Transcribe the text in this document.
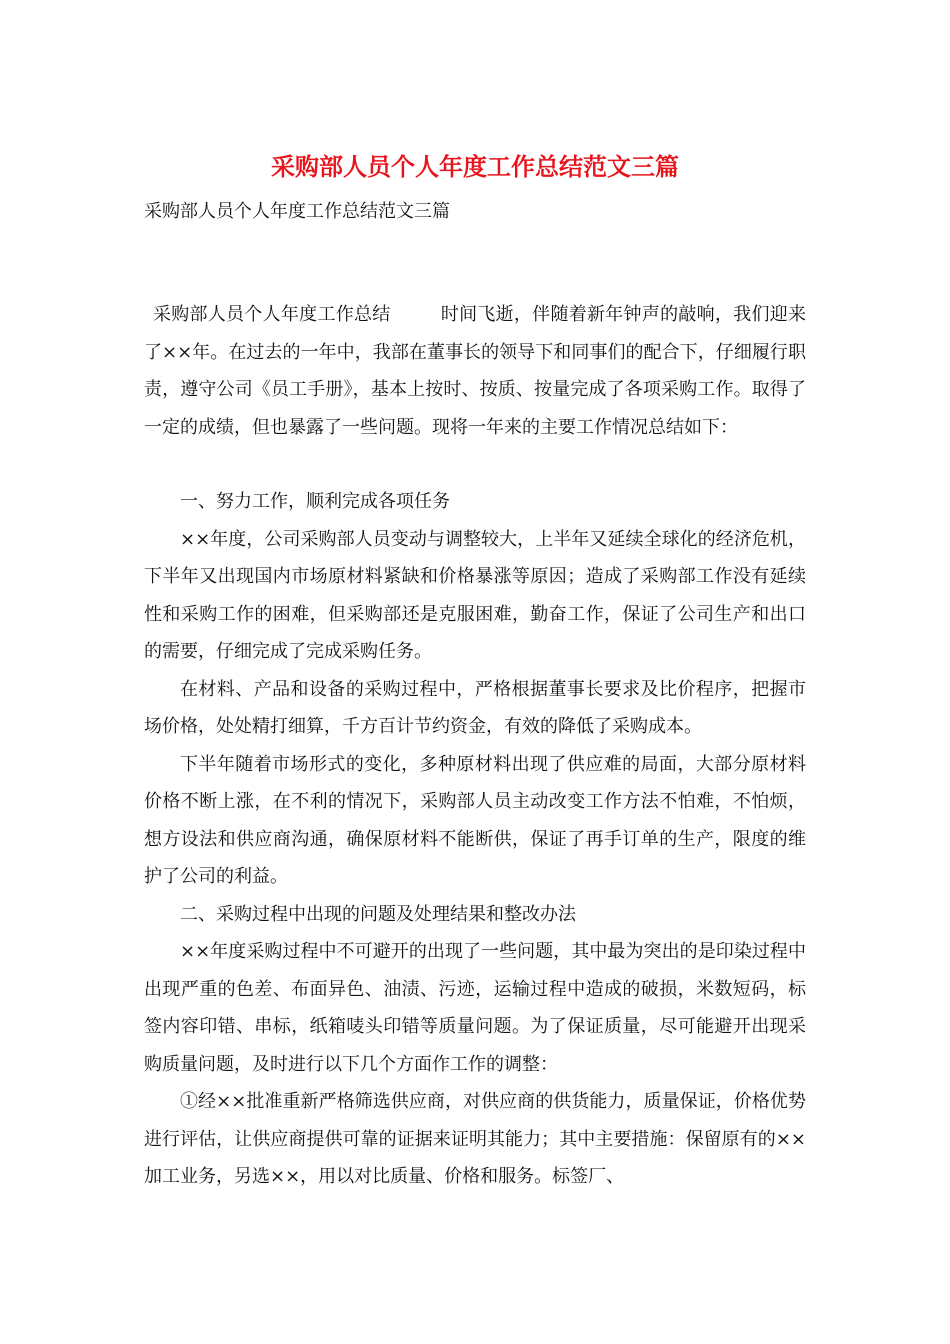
采购部人员个人年度工作总结范文三篇
采购部人员个人年度工作总结范文三篇

采购部人员个人年度工作总结	时间飞逝，伴随着新年钟声的敲响，我们迎来了××年。在过去的一年中，我部在董事长的领导下和同事们的配合下，仔细履行职责，遵守公司《员工手册》，基本上按时、按质、按量完成了各项采购工作。取得了一定的成绩，但也暴露了一些问题。现将一年来的主要工作情况总结如下：

一、努力工作，顺利完成各项任务

××年度，公司采购部人员变动与调整较大，上半年又延续全球化的经济危机，下半年又出现国内市场原材料紧缺和价格暴涨等原因；造成了采购部工作没有延续性和采购工作的困难，但采购部还是克服困难，勤奋工作，保证了公司生产和出口的需要，仔细完成了完成采购任务。

在材料、产品和设备的采购过程中，严格根据董事长要求及比价程序，把握市场价格，处处精打细算，千方百计节约资金，有效的降低了采购成本。

下半年随着市场形式的变化，多种原材料出现了供应难的局面，大部分原材料价格不断上涨，在不利的情况下，采购部人员主动改变工作方法不怕难，不怕烦，想方设法和供应商沟通，确保原材料不能断供，保证了再手订单的生产，限度的维护了公司的利益。

二、采购过程中出现的问题及处理结果和整改办法

××年度采购过程中不可避开的出现了一些问题，其中最为突出的是印染过程中出现严重的色差、布面异色、油渍、污迹，运输过程中造成的破损，米数短码，标签内容印错、串标，纸箱唛头印错等质量问题。为了保证质量，尽可能避开出现采购质量问题，及时进行以下几个方面作工作的调整：

①经××批准重新严格筛选供应商，对供应商的供货能力，质量保证，价格优势进行评估，让供应商提供可靠的证据来证明其能力；其中主要措施：保留原有的××加工业务，另选××，用以对比质量、价格和服务。标签厂、
